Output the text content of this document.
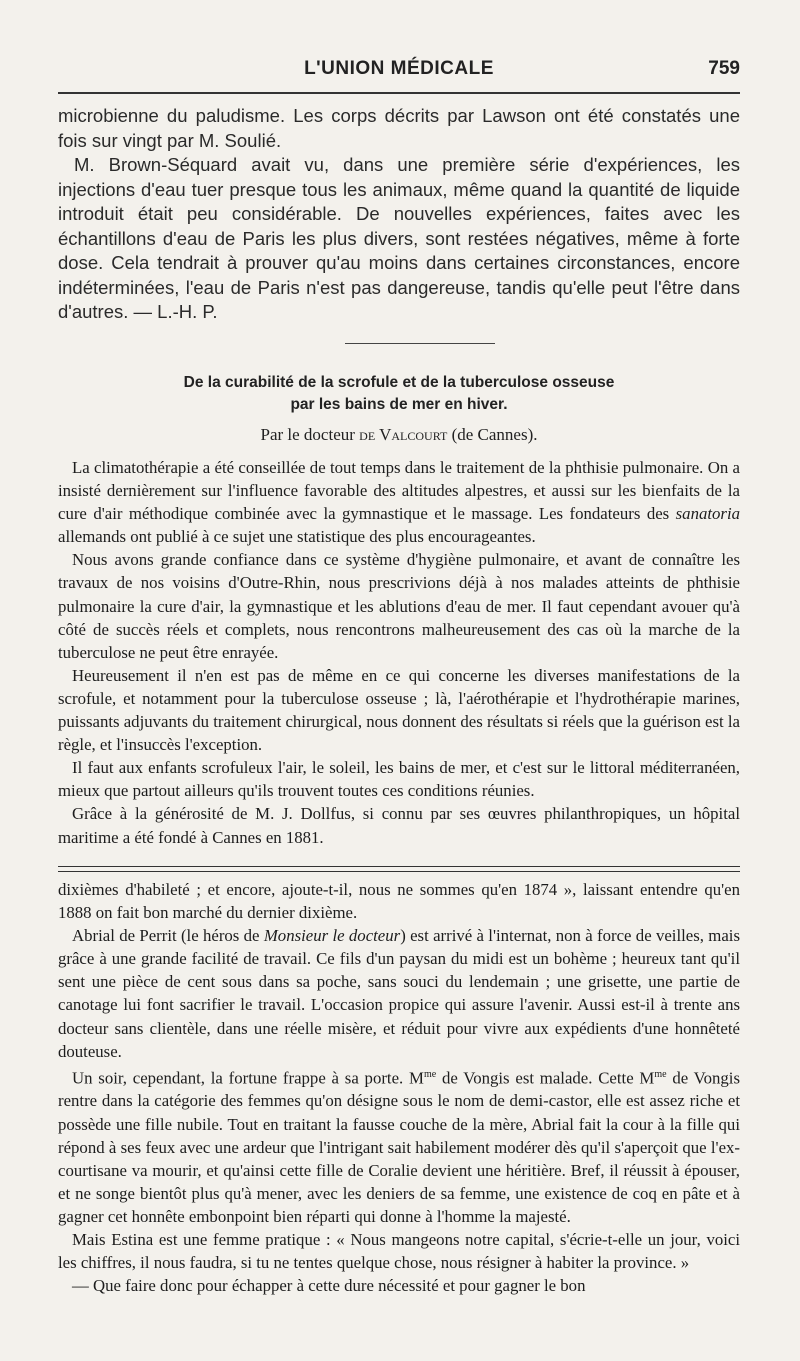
L'UNION MÉDICALE	759

microbienne du paludisme. Les corps décrits par Lawson ont été constatés une fois sur vingt par M. Soulié.

M. Brown-Séquard avait vu, dans une première série d'expériences, les injections d'eau tuer presque tous les animaux, même quand la quantité de liquide introduit était peu considérable. De nouvelles expériences, faites avec les échantillons d'eau de Paris les plus divers, sont restées négatives, même à forte dose. Cela tendrait à prouver qu'au moins dans certaines circonstances, encore indéterminées, l'eau de Paris n'est pas dangereuse, tandis qu'elle peut l'être dans d'autres. — L.-H. P.

De la curabilité de la scrofule et de la tuberculose osseuse
par les bains de mer en hiver.
Par le docteur de Valcourt (de Cannes).

La climatothérapie a été conseillée de tout temps dans le traitement de la phthisie pulmonaire. On a insisté dernièrement sur l'influence favorable des altitudes alpestres, et aussi sur les bienfaits de la cure d'air méthodique combinée avec la gymnastique et le massage. Les fondateurs des sanatoria allemands ont publié à ce sujet une statistique des plus encourageantes.

Nous avons grande confiance dans ce système d'hygiène pulmonaire, et avant de connaître les travaux de nos voisins d'Outre-Rhin, nous prescrivions déjà à nos malades atteints de phthisie pulmonaire la cure d'air, la gymnastique et les ablutions d'eau de mer. Il faut cependant avouer qu'à côté de succès réels et complets, nous rencontrons malheureusement des cas où la marche de la tuberculose ne peut être enrayée.

Heureusement il n'en est pas de même en ce qui concerne les diverses manifestations de la scrofule, et notamment pour la tuberculose osseuse ; là, l'aérothérapie et l'hydrothérapie marines, puissants adjuvants du traitement chirurgical, nous donnent des résultats si réels que la guérison est la règle, et l'insuccès l'exception.

Il faut aux enfants scrofuleux l'air, le soleil, les bains de mer, et c'est sur le littoral méditerranéen, mieux que partout ailleurs qu'ils trouvent toutes ces conditions réunies.

Grâce à la générosité de M. J. Dollfus, si connu par ses œuvres philanthropiques, un hôpital maritime a été fondé à Cannes en 1881.

dixièmes d'habileté ; et encore, ajoute-t-il, nous ne sommes qu'en 1874 », laissant entendre qu'en 1888 on fait bon marché du dernier dixième.

Abrial de Perrit (le héros de Monsieur le docteur) est arrivé à l'internat, non à force de veilles, mais grâce à une grande facilité de travail. Ce fils d'un paysan du midi est un bohème ; heureux tant qu'il sent une pièce de cent sous dans sa poche, sans souci du lendemain ; une grisette, une partie de canotage lui font sacrifier le travail. L'occasion propice qui assure l'avenir. Aussi est-il à trente ans docteur sans clientèle, dans une réelle misère, et réduit pour vivre aux expédients d'une honnêteté douteuse.

Un soir, cependant, la fortune frappe à sa porte. $M^{me}$ de Vongis est malade. Cette $M^{me}$ de Vongis rentre dans la catégorie des femmes qu'on désigne sous le nom de demi-castor, elle est assez riche et possède une fille nubile. Tout en traitant la fausse couche de la mère, Abrial fait la cour à la fille qui répond à ses feux avec une ardeur que l'intrigant sait habilement modérer dès qu'il s'aperçoit que l'ex-courtisane va mourir, et qu'ainsi cette fille de Coralie devient une héritière. Bref, il réussit à épouser, et ne songe bientôt plus qu'à mener, avec les deniers de sa femme, une existence de coq en pâte et à gagner cet honnête embonpoint bien réparti qui donne à l'homme la majesté.

Mais Estina est une femme pratique : « Nous mangeons notre capital, s'écrie-t-elle un jour, voici les chiffres, il nous faudra, si tu ne tentes quelque chose, nous résigner à habiter la province. »

— Que faire donc pour échapper à cette dure nécessité et pour gagner le bon
